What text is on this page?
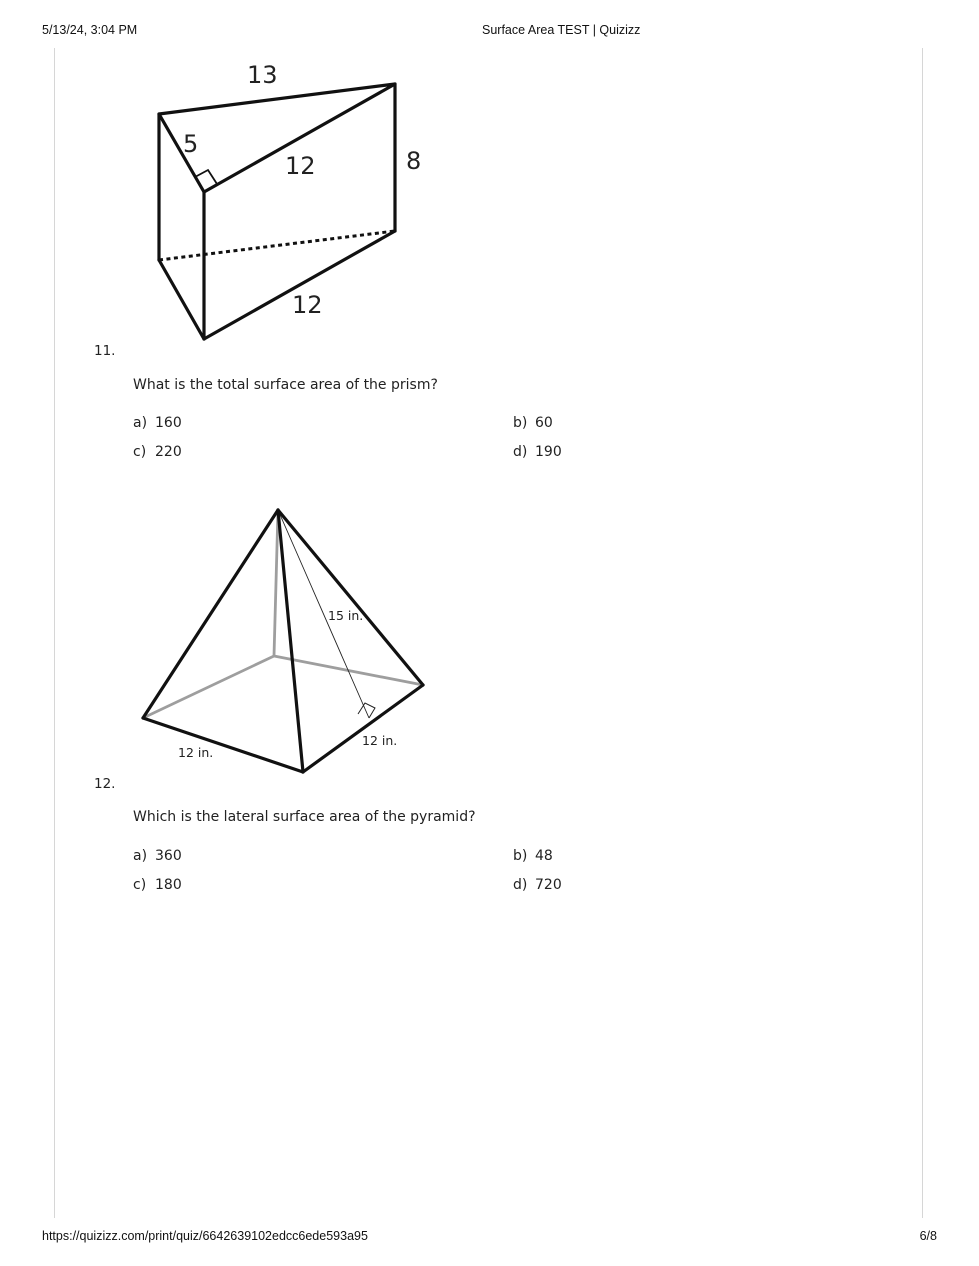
5/13/24, 3:04 PM	Surface Area TEST | Quizizz
13
5
12	8
12
11.
What is the total surface area of the prism?
a) 160	b) 60
c) 220	d) 190
15 in.
12 in.
12 in.
12.
Which is the lateral surface area of the pyramid?
a) 360	b) 48
c) 180	d) 720
https://quizizz.com/print/quiz/6642639102edcc6ede593a95	6/8
